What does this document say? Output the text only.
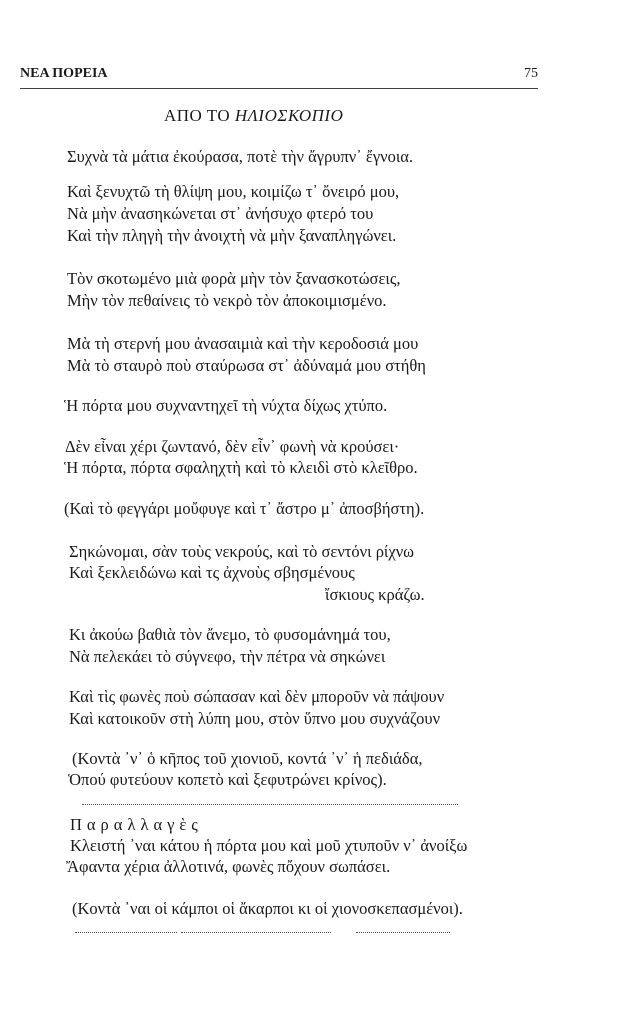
ΝΕΑ ΠΟΡΕΙΑ	75
ΑΠΟ ΤΟ ΗΛΙΟΣΚΟΠΙΟ
Συχνὰ τὰ μάτια ἐκούρασα, ποτὲ τὴν ἄγρυπν᾽ ἔγνοια.
Καὶ ξενυχτῶ τὴ θλίψη μου, κοιμίζω τ᾽ ὄνειρό μου,
Νὰ μὴν ἀνασηκώνεται στ᾽ ἀνήσυχο φτερό του
Καὶ τὴν πληγὴ τὴν ἀνοιχτὴ νὰ μὴν ξαναπληγώνει.
Τὸν σκοτωμένο μιὰ φορὰ μὴν τὸν ξανασκοτώσεις,
Μὴν τὸν πεθαίνεις τὸ νεκρὸ τὸν ἀποκοιμισμένο.
Μὰ τὴ στερνή μου ἀνασαιμιὰ καὶ τὴν κεροδοσιά μου
Μὰ τὸ σταυρὸ ποὺ σταύρωσα στ᾽ ἀδύναμά μου στήθη
Ἡ πόρτα μου συχναντηχεῖ τὴ νύχτα δίχως χτύπο.
Δὲν εἶναι χέρι ζωντανό, δὲν εἶν᾽ φωνὴ νὰ κρούσει·
Ἡ πόρτα, πόρτα σφαληχτὴ καὶ τὸ κλειδὶ στὸ κλεῖθρο.
(Καὶ τὸ φεγγάρι μοὔφυγε καὶ τ᾽ ἄστρο μ᾽ ἀποσβήστη).
Σηκώνομαι, σὰν τοὺς νεκρούς, καὶ τὸ σεντόνι ρίχνω
Καὶ ξεκλειδώνω καὶ τς ἀχνοὺς σβησμένους
ἴσκιους κράζω.
Κι ἀκούω βαθιὰ τὸν ἄνεμο, τὸ φυσομάνημά του,
Νὰ πελεκάει τὸ σύγνεφο, τὴν πέτρα νὰ σηκώνει
Καὶ τὶς φωνὲς ποὺ σώπασαν καὶ δὲν μποροῦν νὰ πάψουν
Καὶ κατοικοῦν στὴ λύπη μου, στὸν ὕπνο μου συχνάζουν
(Κοντὰ ᾽ν᾽ ὁ κῆπος τοῦ χιονιοῦ, κοντά ᾽ν᾽ ἡ πεδιάδα,
Ὁπού φυτεύουν κοπετὸ καὶ ξεφυτρώνει κρίνος).
Παραλλαγὲς
Κλειστή ᾽ναι κάτου ἡ πόρτα μου καὶ μοῦ χτυποῦν ν᾽ ἀνοίξω
Ἄφαντα χέρια ἀλλοτινά, φωνὲς πὄχουν σωπάσει.
(Κοντὰ ᾽ναι οἱ κάμποι οἱ ἄκαρποι κι οἱ χιονοσκεπασμένοι).
